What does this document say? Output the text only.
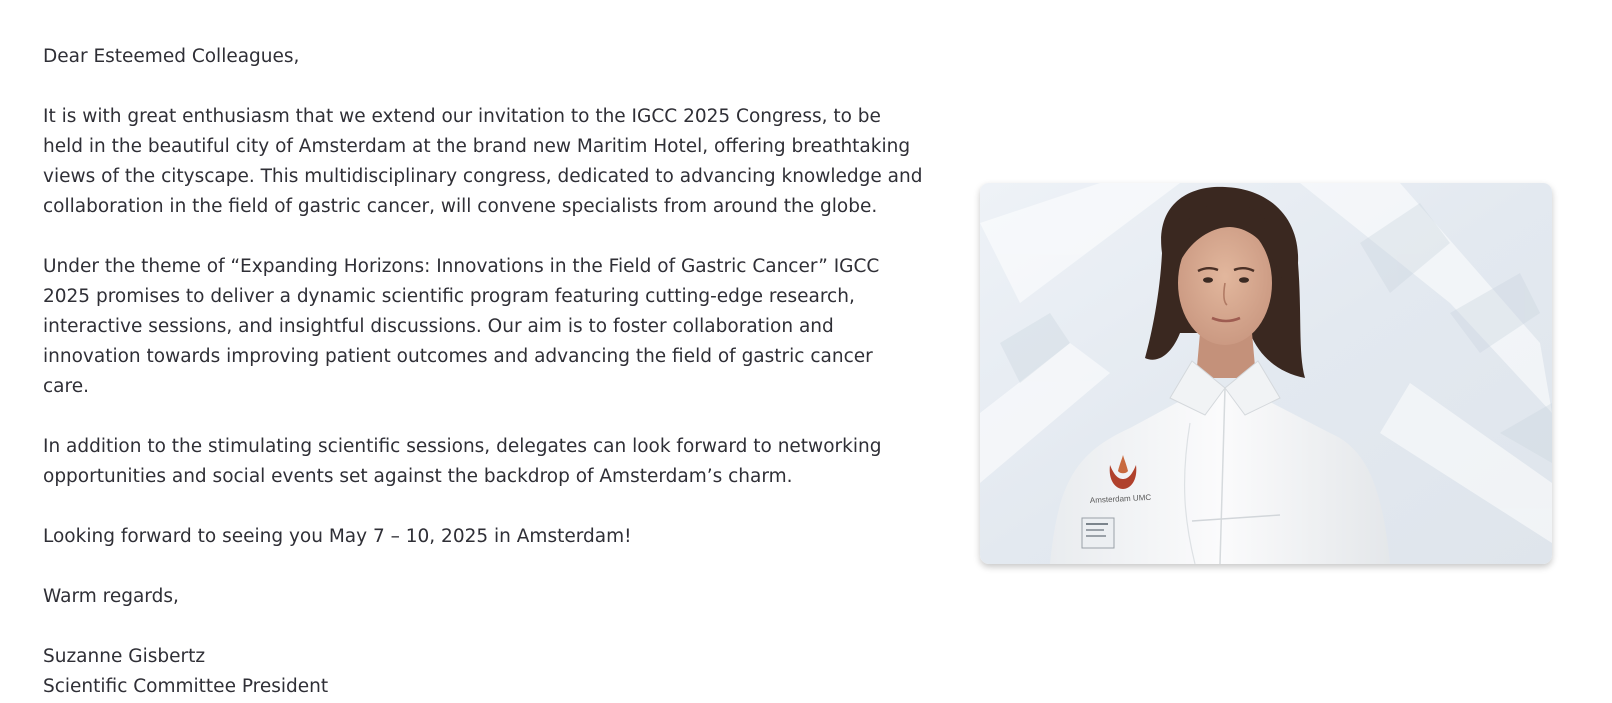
Dear Esteemed Colleagues,

It is with great enthusiasm that we extend our invitation to the IGCC 2025 Congress, to be held in the beautiful city of Amsterdam at the brand new Maritim Hotel, offering breathtaking views of the cityscape. This multidisciplinary congress, dedicated to advancing knowledge and collaboration in the field of gastric cancer, will convene specialists from around the globe.

Under the theme of “Expanding Horizons: Innovations in the Field of Gastric Cancer” IGCC 2025 promises to deliver a dynamic scientific program featuring cutting-edge research, interactive sessions, and insightful discussions. Our aim is to foster collaboration and innovation towards improving patient outcomes and advancing the field of gastric cancer care.

In addition to the stimulating scientific sessions, delegates can look forward to networking opportunities and social events set against the backdrop of Amsterdam’s charm.

Looking forward to seeing you May 7 – 10, 2025 in Amsterdam!

Warm regards,

Suzanne Gisbertz

Scientific Committee President

Amsterdam UMC
